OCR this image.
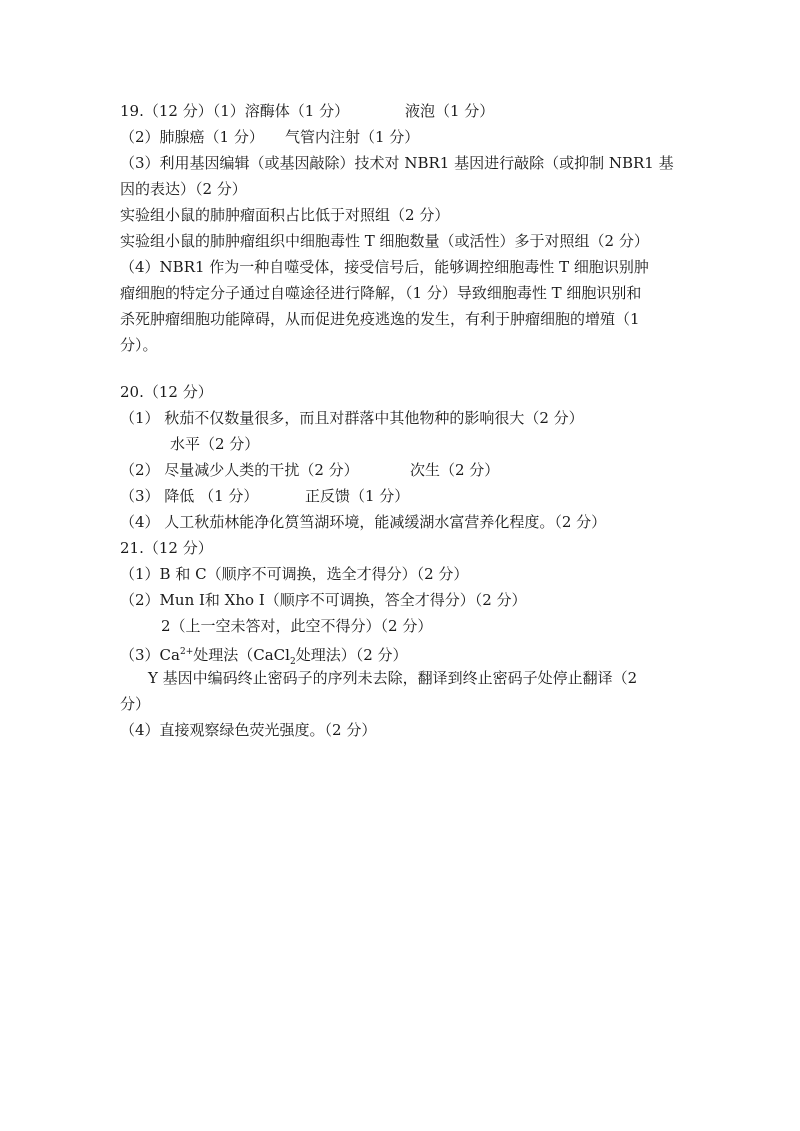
19.（12 分）（1）溶酶体（1 分）	液泡（1 分）
（2）肺腺癌（1 分） 气管内注射（1 分）
（3）利用基因编辑（或基因敲除）技术对 NBR1 基因进行敲除（或抑制 NBR1 基
因的表达）（2 分）
实验组小鼠的肺肿瘤面积占比低于对照组（2 分）
实验组小鼠的肺肿瘤组织中细胞毒性 T 细胞数量（或活性）多于对照组（2 分）
（4）NBR1 作为一种自噬受体，接受信号后，能够调控细胞毒性 T 细胞识别肿
瘤细胞的特定分子通过自噬途径进行降解，（1 分）导致细胞毒性 T 细胞识别和
杀死肿瘤细胞功能障碍，从而促进免疫逃逸的发生，有利于肿瘤细胞的增殖（1
分）。
20.（12 分）
（1） 秋茄不仅数量很多，而且对群落中其他物种的影响很大（2 分）
水平（2 分）
（2） 尽量减少人类的干扰（2 分）	次生（2 分）
（3） 降低 （1 分）	正反馈（1 分）
（4） 人工秋茄林能净化筼筜湖环境，能减缓湖水富营养化程度。（2 分）
21.（12 分）
（1）B 和 C（顺序不可调换，选全才得分）（2 分）
（2）Mun Ⅰ和 Xho Ⅰ（顺序不可调换，答全才得分）（2 分）
2（上一空未答对，此空不得分）（2 分）
$(3)Ca^{2+}$处理法（CaCl$_2$处理法）（2 分）
Y 基因中编码终止密码子的序列未去除，翻译到终止密码子处停止翻译（2
分）
（4）直接观察绿色荧光强度。（2 分）
